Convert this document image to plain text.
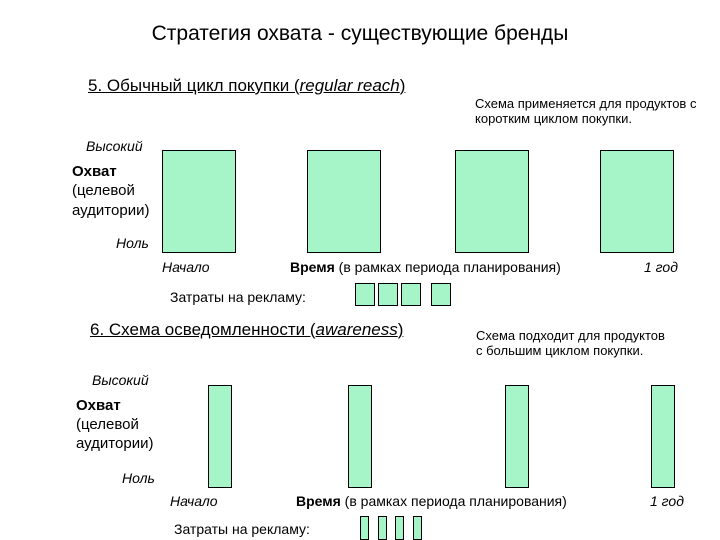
Стратегия охвата - существующие бренды
5. Обычный цикл покупки (regular reach)
Схема применяется для продуктов с коротким циклом покупки.
Высокий
Охват
(целевой
аудитории)
Ноль
Начало	Время (в рамках периода планирования)	1 год
Затраты на рекламу:
6. Схема осведомленности (awareness)	Схема подходит для продуктов с большим циклом покупки.
Высокий
Охват
(целевой
аудитории)
Ноль
Начало	Время (в рамках периода планирования)	1 год
Затраты на рекламу:
